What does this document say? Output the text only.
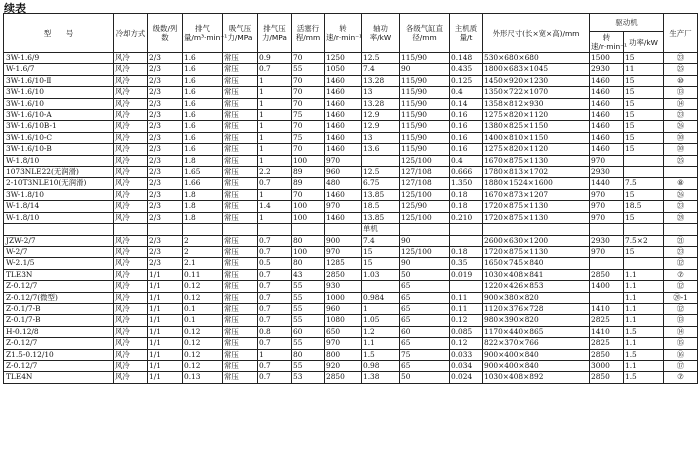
续表
型　　号	冷却方式	级数/列数	排气量/m³·min⁻¹	吸气压力/MPa	排气压力/MPa	活塞行程/mm	转速/r·min⁻¹	轴功率/kW	各级气缸直径/mm	主机质量/t	外形尺寸(长×宽×高)/mm	驱动机		生产厂
												转速/r·min⁻¹	功率/kW	
3W-1.6/9	风冷	2/3	1.6	常压	0.9	70	1250	12.5	115/90	0.148	530×680×680	1500	15	㉓
W-1.6/7	风冷	2/3	1.6	常压	0.7	55	1050	7.4	90	0.435	1800×683×1045	2930	11	㉕
3W-1.6/10-Ⅱ	风冷	2/3	1.6	常压	1	70	1460	13.28	115/90	0.125	1450×920×1230	1460	15	⑩
3W-1.6/10	风冷	2/3	1.6	常压	1	70	1460	13	115/90	0.4	1350×722×1070	1460	15	⑬
3W-1.6/10	风冷	2/3	1.6	常压	1	70	1460	13.28	115/90	0.14	1358×812×930	1460	15	⑭
3W-1.6/10-A	风冷	2/3	1.6	常压	1	75	1460	12.9	115/90	0.16	1275×820×1120	1460	15	㉓
3W-1.6/10B-1	风冷	2/3	1.6	常压	1	70	1460	12.9	115/90	0.16	1380×825×1150	1460	15	㉖
3W-1.6/10-C	风冷	2/3	1.6	常压	1	75	1460	13	115/90	0.16	1400×810×1150	1460	15	㉚
3W-1.6/10-B	风冷	2/3	1.6	常压	1	70	1460	13.6	115/90	0.16	1275×820×1120	1460	15	㉚
W-1.8/10	风冷	2/3	1.8	常压	1	100	970		125/100	0.4	1670×875×1130	970		㉕
1073NLE22(无润滑)	风冷	2/3	1.65	常压	2.2	89	960	12.5	127/108	0.666	1780×813×1702	2930		
2-10T3NLE10(无润滑)	风冷	2/3	1.66	常压	0.7	89	480	6.75	127/108	1.350	1880×1524×1600	1440	7.5	⑧
3W-1.8/10	风冷	2/3	1.8	常压	1	70	1460	13.85	125/100	0.18	1670×873×1207	970	15	㉖
W-1.8/14	风冷	2/3	1.8	常压	1.4	100	970	18.5	125/90	0.18	1720×875×1130	970	18.5	㉓
W-1.8/10	风冷	2/3	1.8	常压	1	100	1460	13.85	125/100	0.210	1720×875×1130	970	15	㉘
								单机						
JZW-2/7	风冷	2/3	2	常压	0.7	80	900	7.4	90		2600×630×1200	2930	7.5×2	㉑
W-2/7	风冷	2/3	2	常压	0.7	100	970	15	125/100	0.18	1720×875×1130	970	15	㉓
W-2.1/5	风冷	2/3	2.1	常压	0.5	80	1285	15	90	0.35	1650×745×840			⑫
TLE3N	风冷	1/1	0.11	常压	0.7	43	2850	1.03	50	0.019	1030×408×841	2850	1.1	⑦
Z-0.12/7	风冷	1/1	0.12	常压	0.7	55	930		65		1220×426×853	1400	1.1	⑫
Z-0.12/7(微型)	风冷	1/1	0.12	常压	0.7	55	1000	0.984	65	0.11	900×380×820		1.1	⑳-1
Z-0.1/7-B	风冷	1/1	0.1	常压	0.7	55	960	1	65	0.11	1120×376×728	1410	1.1	⑫
Z-0.1/7-B	风冷	1/1	0.1	常压	0.7	55	1080	1.05	65	0.12	980×390×820	2825	1.1	⑬
H-0.12/8	风冷	1/1	0.12	常压	0.8	60	650	1.2	60	0.085	1170×440×865	1410	1.5	⑭
Z-0.12/7	风冷	1/1	0.12	常压	0.7	55	970	1.1	65	0.12	822×370×766	2825	1.1	⑮
Z1.5-0.12/10	风冷	1/1	0.12	常压	1	80	800	1.5	75	0.033	900×400×840	2850	1.5	⑯
Z-0.12/7	风冷	1/1	0.12	常压	0.7	55	920	0.98	65	0.034	900×400×840	3000	1.1	⑰
TLE4N	风冷	1/1	0.13	常压	0.7	53	2850	1.38	50	0.024	1030×408×892	2850	1.5	⑦
